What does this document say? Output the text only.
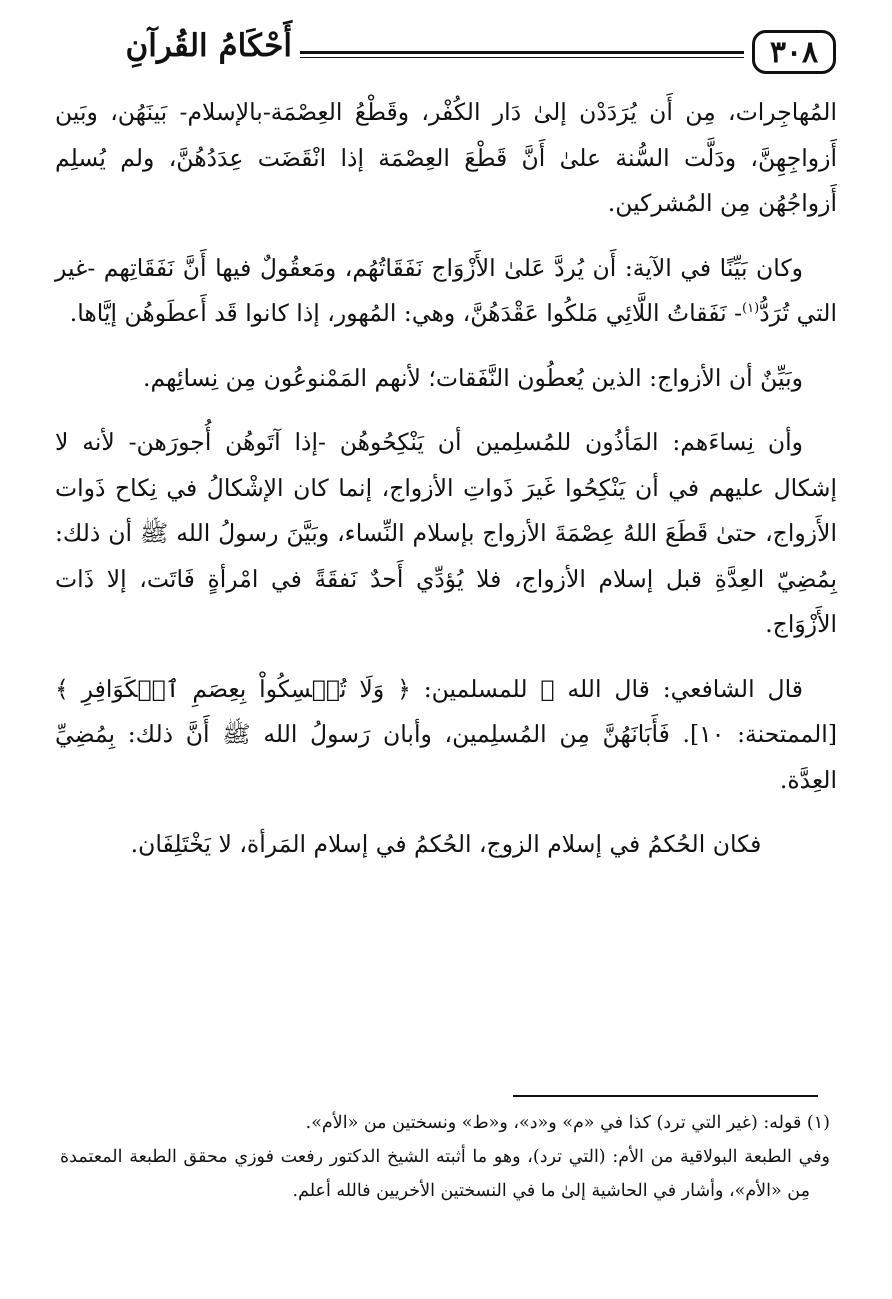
٣٠٨
أَحْكَامُ القُرآنِ

المُهاجِرات، مِن أَن يُرَدَدْن إلىٰ دَار الكُفْر، وقَطْعُ العِصْمَة-بالإسلام- بَينَهُن، وبَين أَزواجِهِنَّ، ودَلَّت السُّنة علىٰ أَنَّ قَطْعَ العِصْمَة إذا انْقَضَت عِدَدُهُنَّ، ولم يُسلِم أَزواجُهُن مِن المُشركين.

وكان بَيِّنًا في الآية: أَن يُردَّ عَلىٰ الأَزْوَاج نَفَقَاتُهُم، ومَعقُولٌ فيها أَنَّ نَفَقَاتِهم -غير التي تُرَدُّ$^{(١)}$- نَفَقاتُ اللَّائِي مَلكُوا عَقْدَهُنَّ، وهي: المُهور، إذا كانوا قَد أَعطَوهُن إيَّاها.

وبَيِّنٌ أن الأزواج: الذين يُعطُون النَّفَقات؛ لأنهم المَمْنوعُون مِن نِسائِهم.

وأن نِساءَهم: المَأذُون للمُسلِمين أن يَنْكِحُوهُن -إذا آتَوهُن أُجورَهن- لأنه لا إشكال عليهم في أن يَنْكِحُوا غَيرَ ذَواتِ الأزواج، إنما كان الإشْكالُ في نِكاح ذَوات الأَزواج، حتىٰ قَطَعَ اللهُ عِصْمَةَ الأزواج بإسلام النِّساء، وبَيَّنَ رسولُ الله ﷺ أن ذلك: بِمُضِيّ العِدَّةِ قبل إسلام الأزواج، فلا يُؤدِّي أَحدٌ نَفقَةً في امْرأةٍ فَاتَت، إلا ذَات الأَزْوَاج.

قال الشافعي: قال الله ﷻ للمسلمين: ﴿ وَلَا تُمۡسِكُواْ بِعِصَمِ ٱلۡكَوَافِرِ ﴾ [الممتحنة: ١٠]. فَأَبَانَهُنَّ مِن المُسلِمين، وأبان رَسولُ الله ﷺ أَنَّ ذلك: بِمُضِيِّ العِدَّة.

فكان الحُكمُ في إسلام الزوج، الحُكمُ في إسلام المَرأة، لا يَخْتَلِفَان.

(١) قوله: (غير التي ترد) كذا في «م» و«د»، و«ط» ونسختين من «الأم».

وفي الطبعة البولاقية من الأم: (التي ترد)، وهو ما أثبته الشيخ الدكتور رفعت فوزي محقق الطبعة المعتمدة مِن «الأم»، وأشار في الحاشية إلىٰ ما في النسختين الأخريين فالله أعلم.
